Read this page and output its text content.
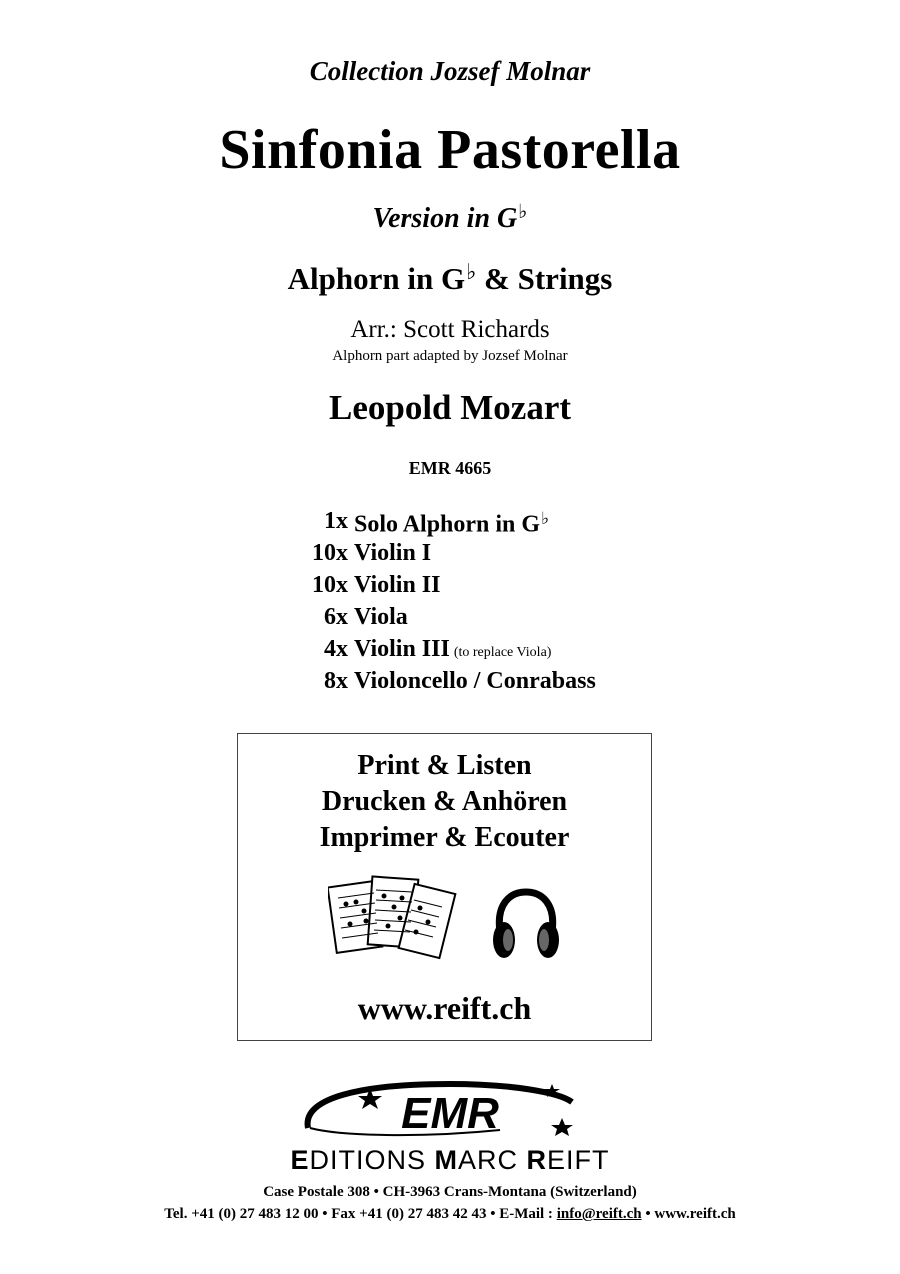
Collection Jozsef Molnar
Sinfonia Pastorella
Version in G♭
Alphorn in G♭ & Strings
Arr.: Scott Richards
Alphorn part adapted by Jozsef Molnar
Leopold Mozart
EMR 4665
1x Solo Alphorn in G♭
10x Violin I
10x Violin II
6x Viola
4x Violin III (to replace Viola)
8x Violoncello / Conrabass
Print & Listen
Drucken & Anhören
Imprimer & Ecouter
www.reift.ch
EMR
EDITIONS MARC REIFT
Case Postale 308 • CH-3963 Crans-Montana (Switzerland)
Tel. +41 (0) 27 483 12 00 • Fax +41 (0) 27 483 42 43 • E-Mail : info@reift.ch • www.reift.ch
